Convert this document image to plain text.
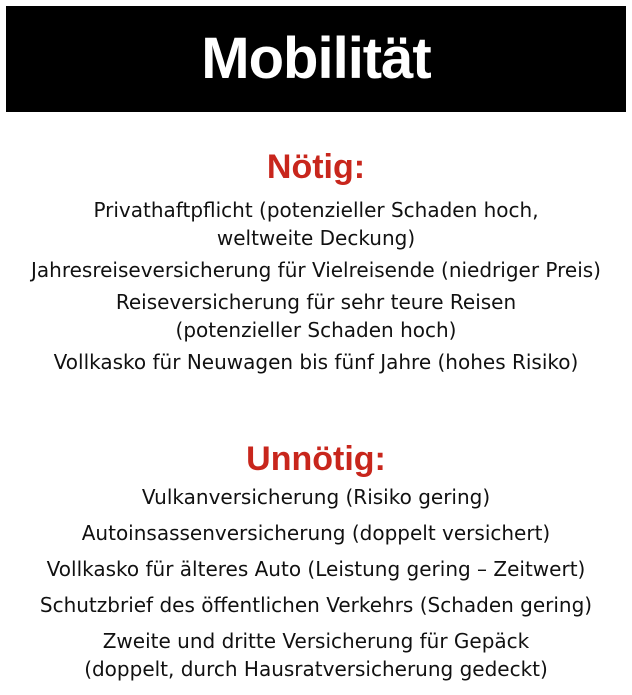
Mobilität
Nötig:
Privathaftpflicht (potenzieller Schaden hoch,
weltweite Deckung)
Jahresreiseversicherung für Vielreisende (niedriger Preis)
Reiseversicherung für sehr teure Reisen
(potenzieller Schaden hoch)
Vollkasko für Neuwagen bis fünf Jahre (hohes Risiko)
Unnötig:
Vulkanversicherung (Risiko gering)
Autoinsassenversicherung (doppelt versichert)
Vollkasko für älteres Auto (Leistung gering – Zeitwert)
Schutzbrief des öffentlichen Verkehrs (Schaden gering)
Zweite und dritte Versicherung für Gepäck
(doppelt, durch Hausratversicherung gedeckt)
